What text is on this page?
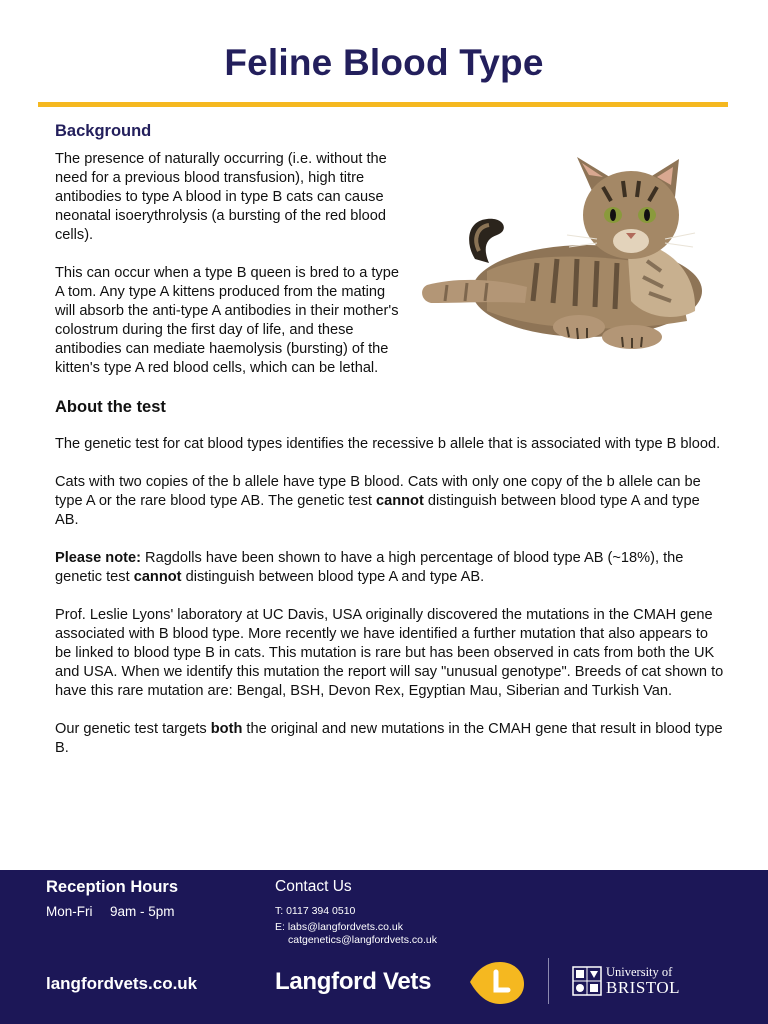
Feline Blood Type
Background

The presence of naturally occurring (i.e. without the need for a previous blood transfusion), high titre antibodies to type A blood in type B cats can cause neonatal isoerythrolysis (a bursting of the red blood cells).

This can occur when a type B queen is bred to a type A tom. Any type A kittens produced from the mating will absorb the anti-type A antibodies in their mother's colostrum during the first day of life, and these antibodies can mediate haemolysis (bursting) of the kitten's type A red blood cells, which can be lethal.

About the test

The genetic test for cat blood types identifies the recessive b allele that is associated with type B blood.

Cats with two copies of the b allele have type B blood. Cats with only one copy of the b allele can be type A or the rare blood type AB. The genetic test cannot distinguish between blood type A and type AB.

Please note: Ragdolls have been shown to have a high percentage of blood type AB (~18%), the genetic test cannot distinguish between blood type A and type AB.

Prof. Leslie Lyons' laboratory at UC Davis, USA originally discovered the mutations in the CMAH gene associated with B blood type. More recently we have identified a further mutation that also appears to be linked to blood type B in cats. This mutation is rare but has been observed in cats from both the UK and USA. When we identify this mutation the report will say "unusual genotype". Breeds of cat shown to have this rare mutation are: Bengal, BSH, Devon Rex, Egyptian Mau, Siberian and Turkish Van.

Our genetic test targets both the original and new mutations in the CMAH gene that result in blood type B.

Reception Hours
Mon-Fri 9am - 5pm
Contact Us
T: 0117 394 0510
E: labs@langfordvets.co.uk
catgenetics@langfordvets.co.uk
langfordvets.co.uk	Langford Vets	University of
BRISTOL
